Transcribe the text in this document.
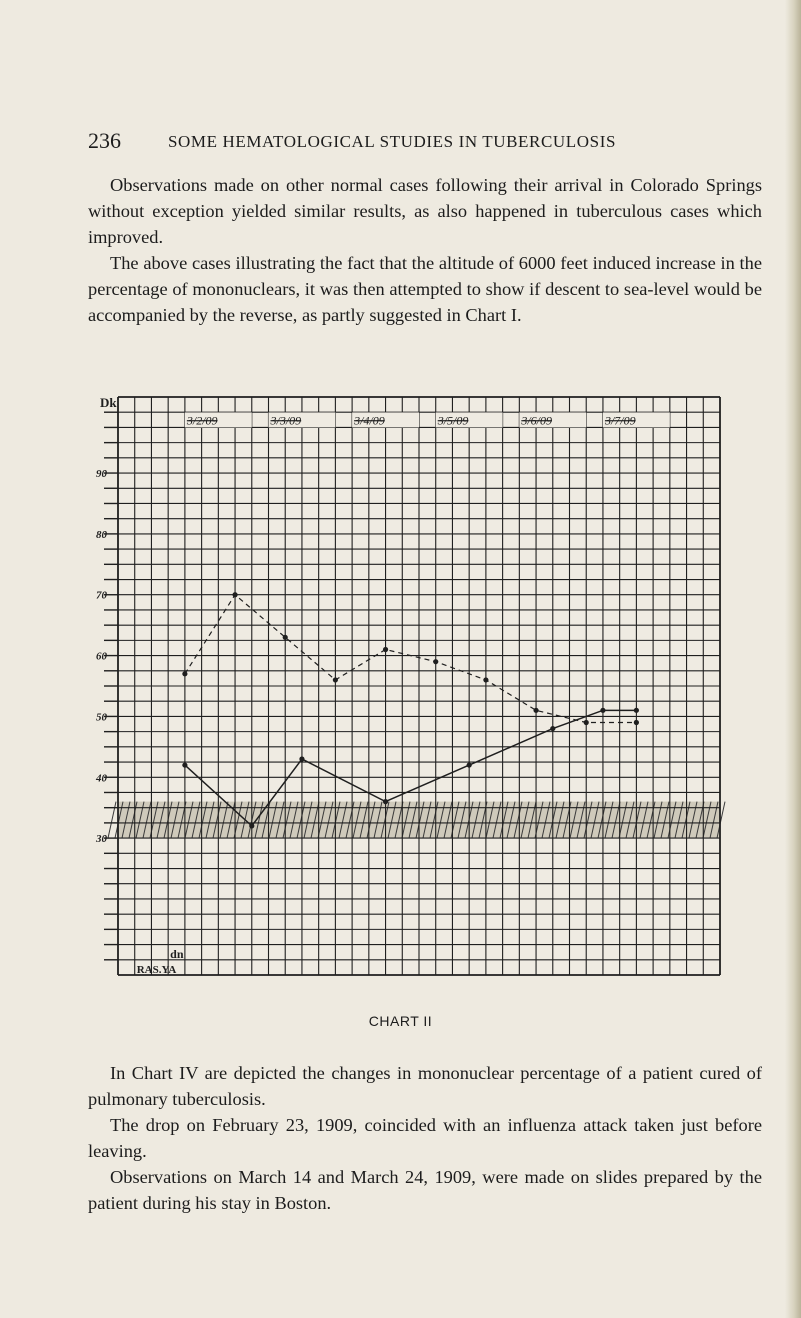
236	SOME HEMATOLOGICAL STUDIES IN TUBERCULOSIS

Observations made on other normal cases following their arrival in Colorado Springs without exception yielded similar results, as also happened in tuberculous cases which improved.

The above cases illustrating the fact that the altitude of 6000 feet induced increase in the percentage of mononuclears, it was then attempted to show if descent to sea-level would be accompanied by the reverse, as partly suggested in Chart I.

Dk
90
80
70
60
50
40
30
3/2/09	3/3/09	3/4/09	3/5/09	3/6/09	3/7/09
dn
RAS.YA
CHART II

In Chart IV are depicted the changes in mononuclear percentage of a patient cured of pulmonary tuberculosis.

The drop on February 23, 1909, coincided with an influenza attack taken just before leaving.

Observations on March 14 and March 24, 1909, were made on slides prepared by the patient during his stay in Boston.
